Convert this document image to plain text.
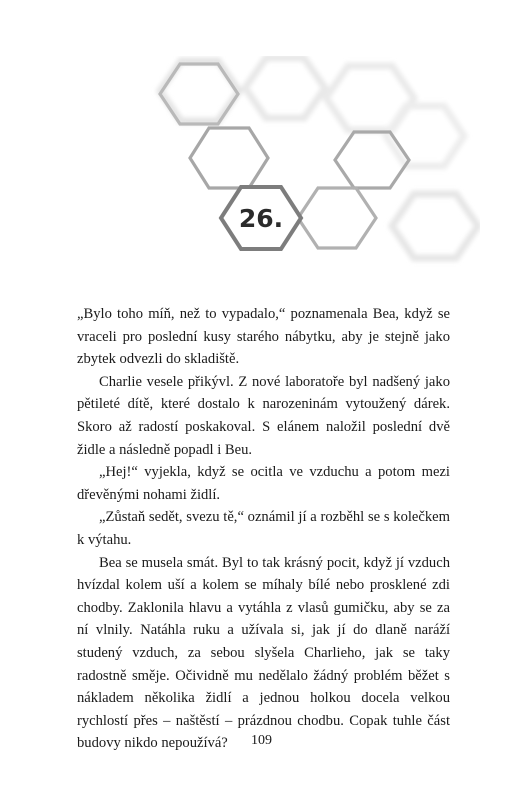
26.

„Bylo toho míň, než to vypadalo,“ poznamenala Bea, když se vraceli pro poslední kusy starého nábytku, aby je stejně jako zbytek odvezli do skladiště.

Charlie vesele přikývl. Z nové laboratoře byl nadšený jako pětileté dítě, které dostalo k narozeninám vytoužený dárek. Skoro až radostí poskakoval. S elánem naložil poslední dvě židle a následně popadl i Beu.

„Hej!“ vyjekla, když se ocitla ve vzduchu a potom mezi dřevěnými nohami židlí.

„Zůstaň sedět, svezu tě,“ oznámil jí a rozběhl se s kolečkem k výtahu.

Bea se musela smát. Byl to tak krásný pocit, když jí vzduch hvízdal kolem uší a kolem se míhaly bílé nebo prosklené zdi chodby. Zaklonila hlavu a vytáhla z vlasů gumičku, aby se za ní vlnily. Natáhla ruku a užívala si, jak jí do dlaně naráží studený vzduch, za sebou slyšela Charlieho, jak se taky radostně směje. Očividně mu nedělalo žádný problém běžet s nákladem několika židlí a jednou holkou docela velkou rychlostí přes – naštěstí – prázdnou chodbu. Copak tuhle část budovy nikdo nepoužívá?	109
